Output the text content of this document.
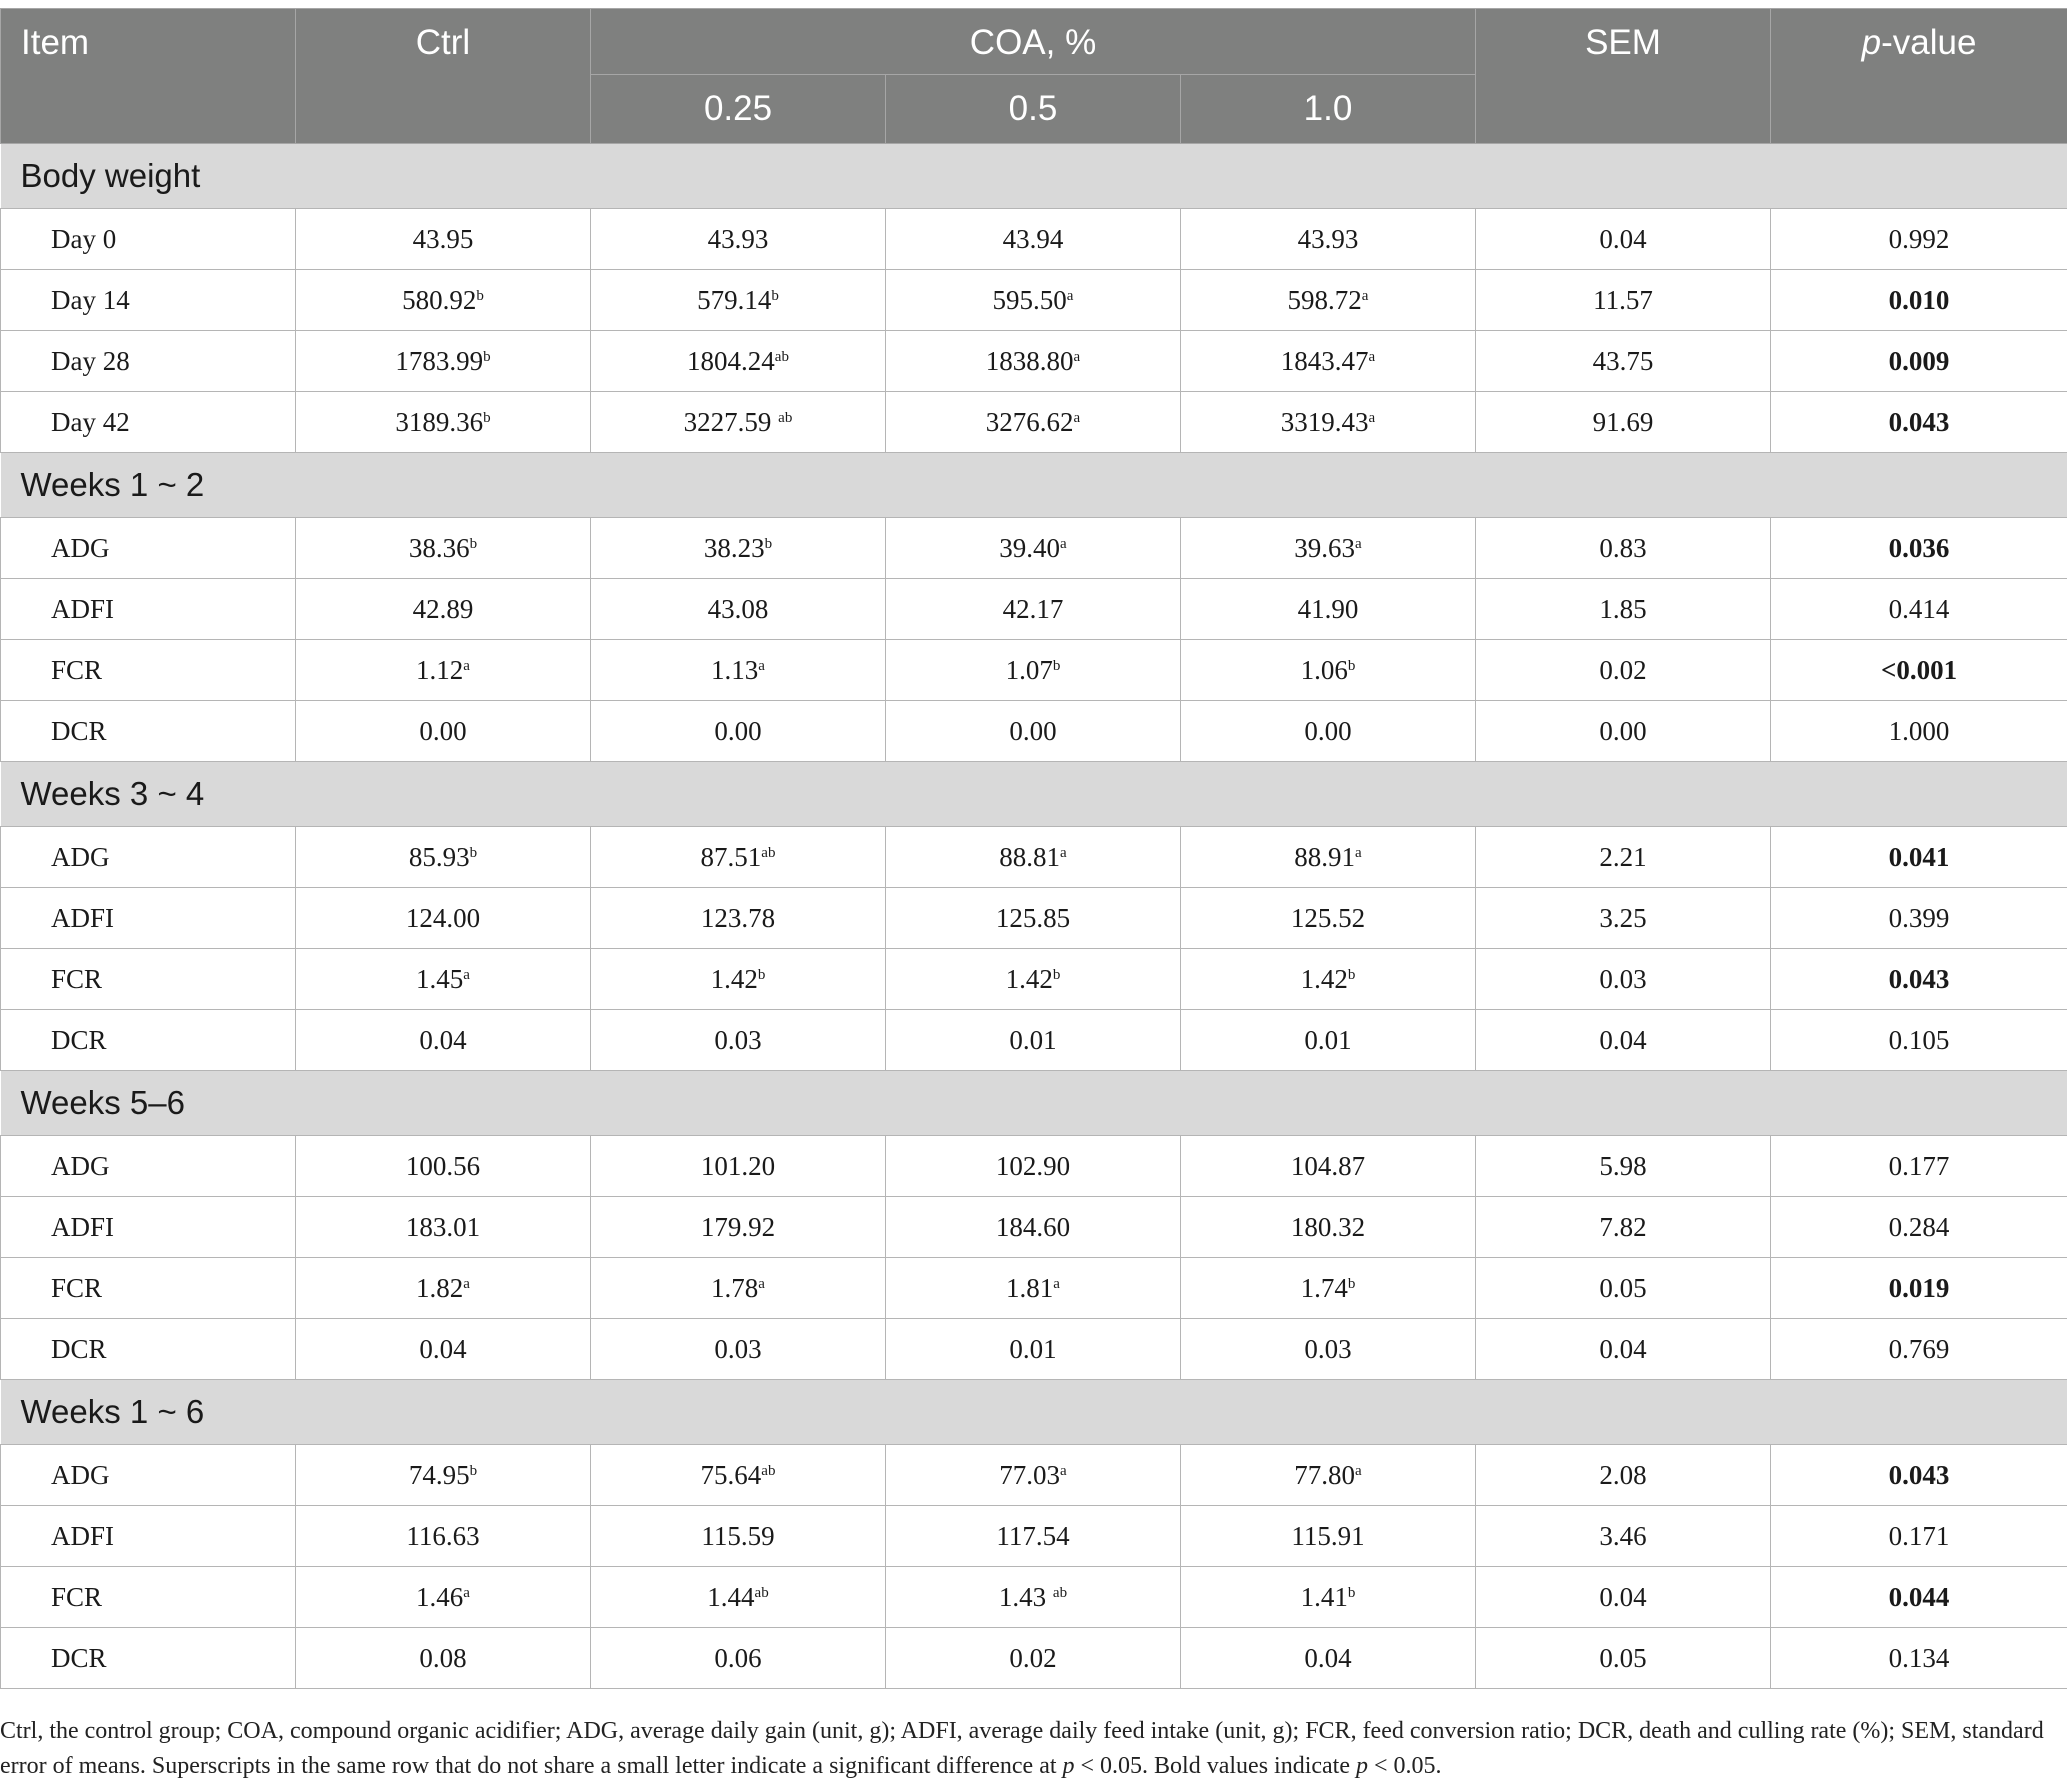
Item	Ctrl	COA, %			SEM	p-value
		0.25	0.5	1.0		
Body weight						
Day 0	43.95	43.93	43.94	43.93	0.04	0.992
Day 14	580.92$^b$	579.14$^b$	595.50$^a$	598.72$^a$	11.57	0.010
Day 28	1783.99$^b$	1804.24$^{ab}$	1838.80$^a$	1843.47$^a$	43.75	0.009
Day 42	3189.36$^b$	3227.59 $^{ab}$	3276.62$^a$	3319.43$^a$	91.69	0.043
Weeks 1 ~ 2						
ADG	38.36$^b$	38.23$^b$	39.40$^a$	39.63$^a$	0.83	0.036
ADFI	42.89	43.08	42.17	41.90	1.85	0.414
FCR	1.12$^a$	1.13$^a$	1.07$^b$	1.06$^b$	0.02	<0.001
DCR	0.00	0.00	0.00	0.00	0.00	1.000
Weeks 3 ~ 4						
ADG	85.93$^b$	87.51$^{ab}$	88.81$^a$	88.91$^a$	2.21	0.041
ADFI	124.00	123.78	125.85	125.52	3.25	0.399
FCR	1.45$^a$	1.42$^b$	1.42$^b$	1.42$^b$	0.03	0.043
DCR	0.04	0.03	0.01	0.01	0.04	0.105
Weeks 5–6						
ADG	100.56	101.20	102.90	104.87	5.98	0.177
ADFI	183.01	179.92	184.60	180.32	7.82	0.284
FCR	1.82$^a$	1.78$^a$	1.81$^a$	1.74$^b$	0.05	0.019
DCR	0.04	0.03	0.01	0.03	0.04	0.769
Weeks 1 ~ 6						
ADG	74.95$^b$	75.64$^{ab}$	77.03$^a$	77.80$^a$	2.08	0.043
ADFI	116.63	115.59	117.54	115.91	3.46	0.171
FCR	1.46$^a$	1.44$^{ab}$	1.43 $^{ab}$	1.41$^b$	0.04	0.044
DCR	0.08	0.06	0.02	0.04	0.05	0.134
Ctrl, the control group; COA, compound organic acidifier; ADG, average daily gain (unit, g); ADFI, average daily feed intake (unit, g); FCR, feed conversion ratio; DCR, death and culling rate (%); SEM, standard error of means. Superscripts in the same row that do not share a small letter indicate a significant difference at p < 0.05. Bold values indicate p < 0.05.
